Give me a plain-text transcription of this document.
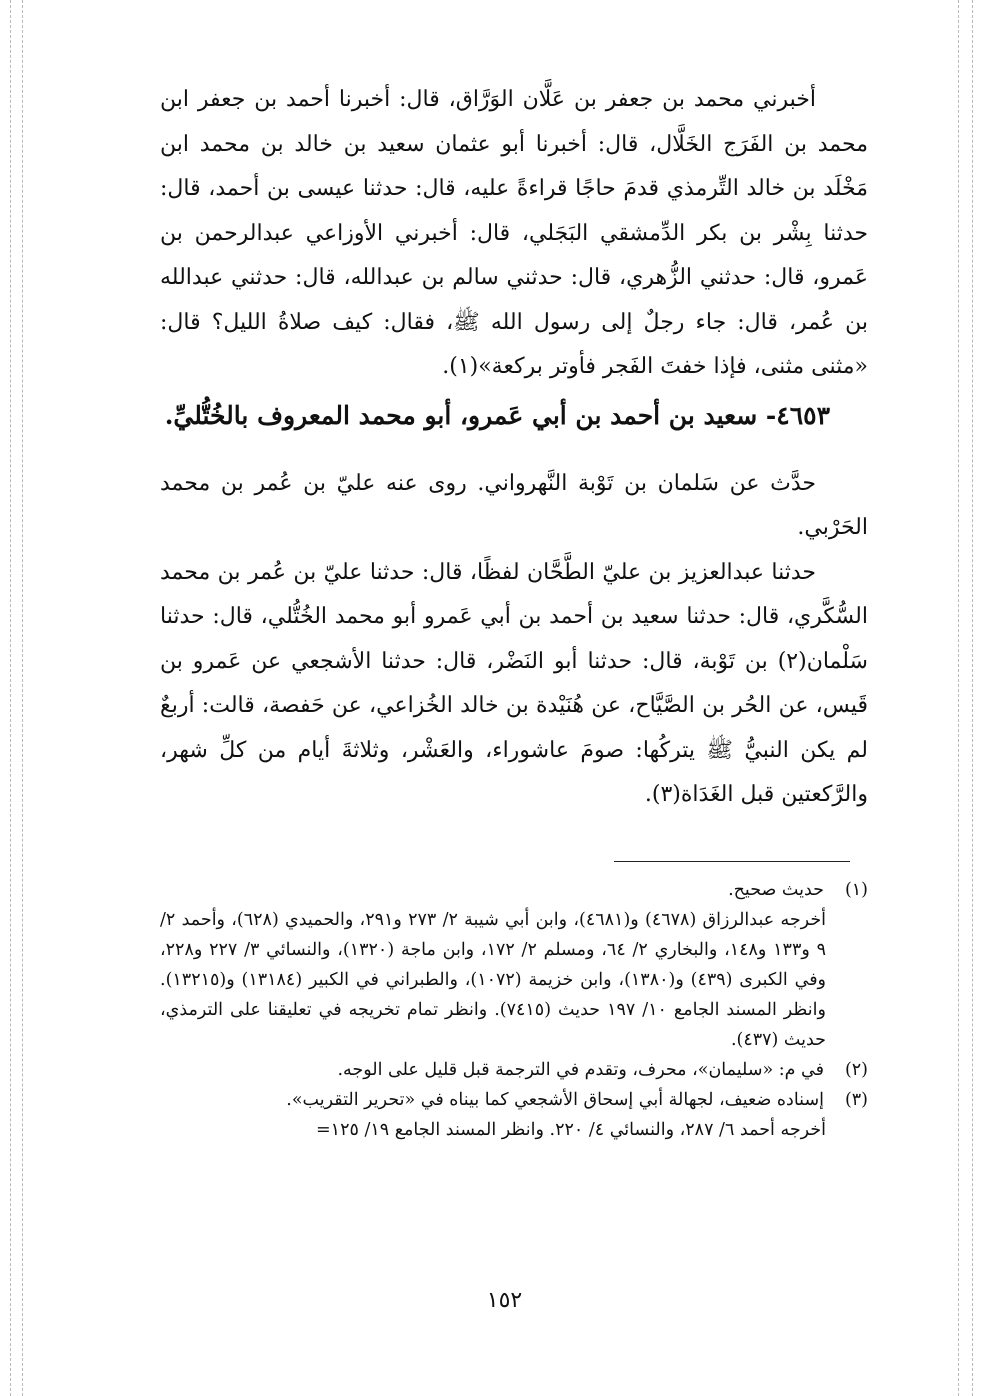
أخبرني محمد بن جعفر بن عَلَّان الوَرَّاق، قال: أخبرنا أحمد بن جعفر ابن محمد بن الفَرَج الخَلَّال، قال: أخبرنا أبو عثمان سعيد بن خالد بن محمد ابن مَخْلَد بن خالد التِّرمذي قدمَ حاجًا قراءةً عليه، قال: حدثنا عيسى بن أحمد، قال: حدثنا بِشْر بن بكر الدِّمشقي البَجَلي، قال: أخبرني الأوزاعي عبدالرحمن بن عَمرو، قال: حدثني الزُّهري، قال: حدثني سالم بن عبدالله، قال: حدثني عبدالله بن عُمر، قال: جاء رجلٌ إلى رسول الله ﷺ، فقال: كيف صلاةُ الليل؟ قال: «مثنى مثنى، فإذا خفتَ الفَجر فأوتر بركعة»(١).

٤٦٥٣- سعيد بن أحمد بن أبي عَمرو، أبو محمد المعروف بالخُتُّليِّ.

حدَّث عن سَلمان بن تَوْبة النَّهرواني. روى عنه عليّ بن عُمر بن محمد الحَرْبي.

حدثنا عبدالعزيز بن عليّ الطَّحَّان لفظًا، قال: حدثنا عليّ بن عُمر بن محمد السُّكَّري، قال: حدثنا سعيد بن أحمد بن أبي عَمرو أبو محمد الخُتُّلي، قال: حدثنا سَلْمان(٢) بن تَوْبة، قال: حدثنا أبو النَضْر، قال: حدثنا الأشجعي عن عَمرو بن قَيس، عن الحُر بن الصَّيَّاح، عن هُنَيْدة بن خالد الخُزاعي، عن حَفصة، قالت: أربعٌ لم يكن النبيُّ ﷺ يتركُها: صومَ عاشوراء، والعَشْر، وثلاثةَ أيام من كلِّ شهر، والرَّكعتين قبل الغَدَاة(٣).

(١)

حديث صحيح.

أخرجه عبدالرزاق (٤٦٧٨) و(٤٦٨١)، وابن أبي شيبة ٢/ ٢٧٣ و٢٩١، والحميدي (٦٢٨)، وأحمد ٢/ ٩ و١٣٣ و١٤٨، والبخاري ٢/ ٦٤، ومسلم ٢/ ١٧٢، وابن ماجة (١٣٢٠)، والنسائي ٣/ ٢٢٧ و٢٢٨، وفي الكبرى (٤٣٩) و(١٣٨٠)، وابن خزيمة (١٠٧٢)، والطبراني في الكبير (١٣١٨٤) و(١٣٢١٥). وانظر المسند الجامع ١٠/ ١٩٧ حديث (٧٤١٥). وانظر تمام تخريجه في تعليقنا على الترمذي، حديث (٤٣٧).

(٢)

في م: «سليمان»، محرف، وتقدم في الترجمة قبل قليل على الوجه.

(٣)

إسناده ضعيف، لجهالة أبي إسحاق الأشجعي كما بيناه في «تحرير التقريب».

أخرجه أحمد ٦/ ٢٨٧، والنسائي ٤/ ٢٢٠. وانظر المسند الجامع ١٩/ ١٢٥=

١٥٢
